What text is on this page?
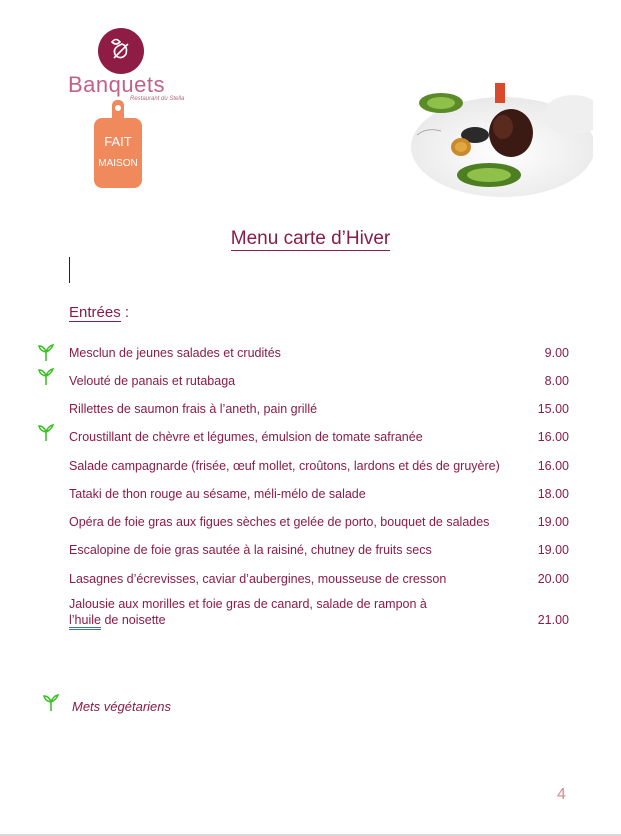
Banquets
Restaurant du Stella
FAIT
MAISON
Menu carte d’Hiver
Entrées :
Mesclun de jeunes salades et crudités	9.00
Velouté de panais et rutabaga	8.00
Rillettes de saumon frais à l’aneth, pain grillé	15.00
Croustillant de chèvre et légumes, émulsion de tomate safranée	16.00
Salade campagnarde (frisée, œuf mollet, croûtons, lardons et dés de gruyère)	16.00
Tataki de thon rouge au sésame, méli-mélo de salade	18.00
Opéra de foie gras aux figues sèches et gelée de porto, bouquet de salades	19.00
Escalopine de foie gras sautée à la raisiné, chutney de fruits secs	19.00
Lasagnes d’écrevisses, caviar d’aubergines, mousseuse de cresson	20.00
Jalousie aux morilles et foie gras de canard, salade de rampon à
l’huile de noisette	21.00
Mets végétariens
4
